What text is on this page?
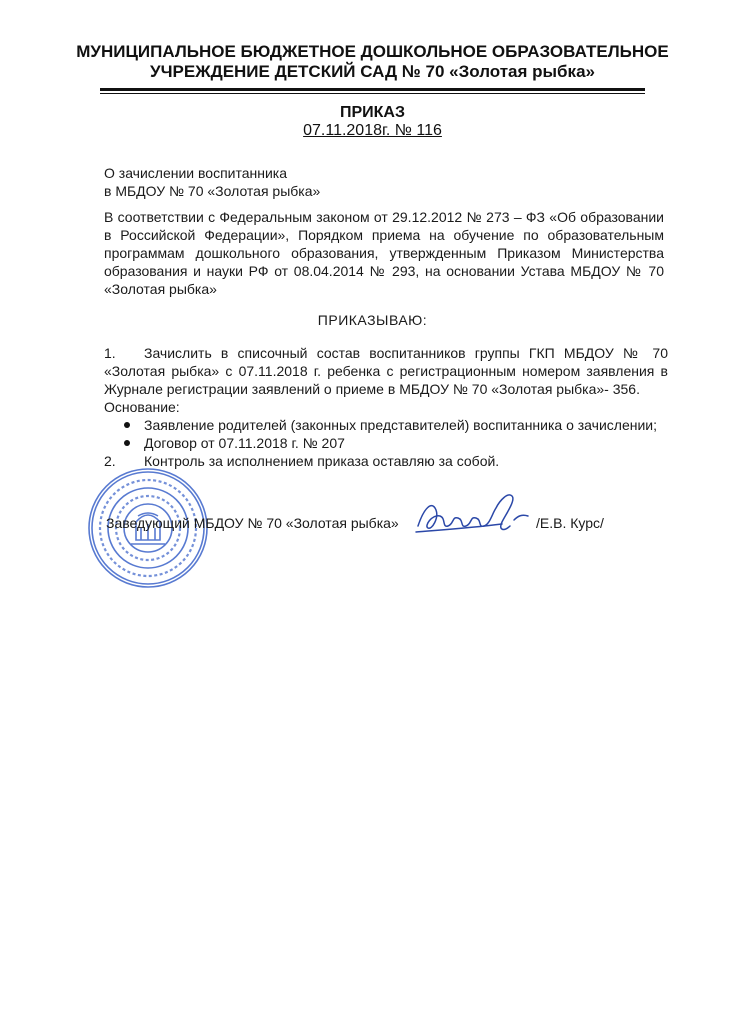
МУНИЦИПАЛЬНОЕ БЮДЖЕТНОЕ ДОШКОЛЬНОЕ ОБРАЗОВАТЕЛЬНОЕ
УЧРЕЖДЕНИЕ ДЕТСКИЙ САД № 70 «Золотая рыбка»
ПРИКАЗ
07.11.2018г. № 116
О зачислении воспитанника
в МБДОУ № 70 «Золотая рыбка»
В соответствии с Федеральным законом от 29.12.2012 № 273 – ФЗ «Об образовании в Российской Федерации», Порядком приема на обучение по образовательным программам дошкольного образования, утвержденным Приказом Министерства образования и науки РФ от 08.04.2014 № 293, на основании Устава МБДОУ № 70 «Золотая рыбка»
ПРИКАЗЫВАЮ:
1. Зачислить в списочный состав воспитанников группы ГКП МБДОУ № 70 «Золотая рыбка» с 07.11.2018 г. ребенка с регистрационным номером заявления в Журнале регистрации заявлений о приеме в МБДОУ № 70 «Золотая рыбка»- 356.
Основание:
Заявление родителей (законных представителей) воспитанника о зачислении;
Договор от 07.11.2018 г. № 207
2. Контроль за исполнением приказа оставляю за собой.
Заведующий МБДОУ № 70 «Золотая рыбка»	/Е.В. Курс/
